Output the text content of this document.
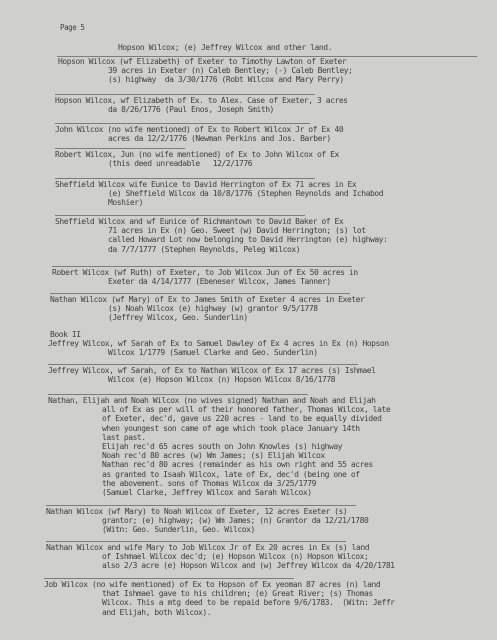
Page 5
Hopson Wilcox; (e) Jeffrey Wilcox and other land.
Hopson Wilcox (wf Elizabeth) of Exeter to Timothy Lawton of Exeter
39 acres in Exeter (n) Caleb Bentley; (-) Caleb Bentley;
(s) highway  da 3/30/1776 (Robt Wilcox and Mary Perry)
Hopson Wilcox, wf Elizabeth of Ex. to Alex. Case of Exeter, 3 acres
da 8/26/1776 (Paul Enos, Joseph Smith)
John Wilcox (no wife mentioned) of Ex to Robert Wilcox Jr of Ex 40
acres da 12/2/1776 (Newman Perkins and Jos. Barber)
Robert Wilcox, Jun (no wife mentioned) of Ex to John Wilcox of Ex
(this deed unreadable   12/2/1776
Sheffield Wilcox wife Eunice to David Herrington of Ex 71 acres in Ex
(e) Sheffield Wilcox da 10/8/1776 (Stephen Reynolds and Ichabod
Moshier)
Sheffield Wilcox and wf Eunice of Richmantown to David Baker of Ex
71 acres in Ex (n) Geo. Sweet (w) David Herrington; (s) lot
called Howard Lot now belonging to David Herrington (e) highway:
da 7/7/1777 (Stephen Reynolds, Peleg Wilcox)
Robert Wilcox (wf Ruth) of Exeter, to Job Wilcox Jun of Ex 50 acres in
Exeter da 4/14/1777 (Ebeneser Wilcox, James Tanner)
Nathan Wilcox (wf Mary) of Ex to James Smith of Exeter 4 acres in Exeter
(s) Noah Wilcox (e) highway (w) grantor 9/5/1778
(Jeffrey Wilcox, Geo. Sunderlin)
Book II
Jeffrey Wilcox, wf Sarah of Ex to Samuel Dawley of Ex 4 acres in Ex (n) Hopson
Wilcox 1/1779 (Samuel Clarke and Geo. Sunderlin)
Jeffrey Wilcox, wf Sarah, of Ex to Nathan Wilcox of Ex 17 acres (s) Ishmael
Wilcox (e) Hopson Wilcox (n) Hopson Wilcox 8/16/1778
Nathan, Elijah and Noah Wilcox (no wives signed) Nathan and Noah and Elijah
all of Ex as per will of their honored father, Thomas Wilcox, late
of Exeter, dec'd, gave us 220 acres - land to be equally divided
when youngest son came of age which took place January 14th
last past.
Elijah rec'd 65 acres south on John Knowles (s) highway
Noah rec'd 80 acres (w) Wm James; (s) Elijah Wilcox
Nathan rec'd 80 acres (remainder as his own right and 55 acres
as granted to Isaah Wilcox, late of Ex, dec'd (being one of
the abovement. sons of Thomas Wilcox da 3/25/1779
(Samuel Clarke, Jeffrey Wilcox and Sarah Wilcox)
Nathan Wilcox (wf Mary) to Noah Wilcox of Exeter, 12 acres Exeter (s)
grantor; (e) highway; (w) Wm James; (n) Grantor da 12/21/1780
(Witn: Geo. Sunderlin, Geo. Wilcox)
Nathan Wilcox and wife Mary to Job Wilcox Jr of Ex 20 acres in Ex (s) land
of Ishmael Wilcox dec'd; (e) Hopson Wilcox (n) Hopson Wilcox;
also 2/3 acre (e) Hopson Wilcox and (w) Jeffrey Wilcox da 4/20/1781
Job Wilcox (no wife mentioned) of Ex to Hopson of Ex yeoman 87 acres (n) land
that Ishmael gave to his children; (e) Great River; (s) Thomas
Wilcox. This a mtg deed to be repaid before 9/6/1783.  (Witn: Jeffr
and Elijah, both Wilcox).
